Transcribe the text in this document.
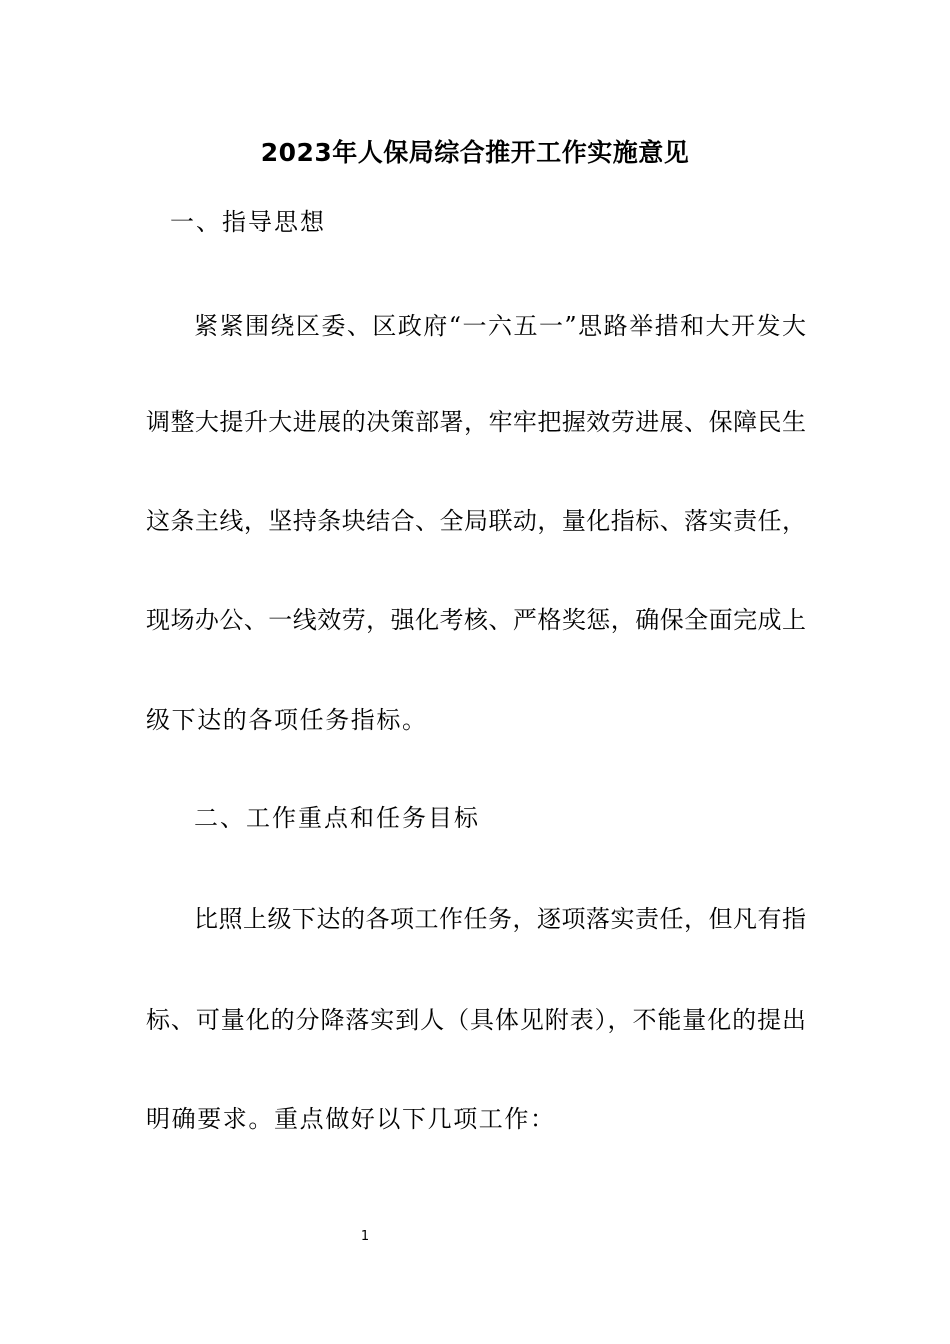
2023年人保局综合推开工作实施意见
一、指导思想
紧紧围绕区委、区政府“一六五一”思路举措和大开发大
调整大提升大进展的决策部署，牢牢把握效劳进展、保障民生
这条主线，坚持条块结合、全局联动，量化指标、落实责任，
现场办公、一线效劳，强化考核、严格奖惩，确保全面完成上
级下达的各项任务指标。
二、工作重点和任务目标
比照上级下达的各项工作任务，逐项落实责任，但凡有指
标、可量化的分降落实到人（具体见附表），不能量化的提出
明确要求。重点做好以下几项工作：
1
